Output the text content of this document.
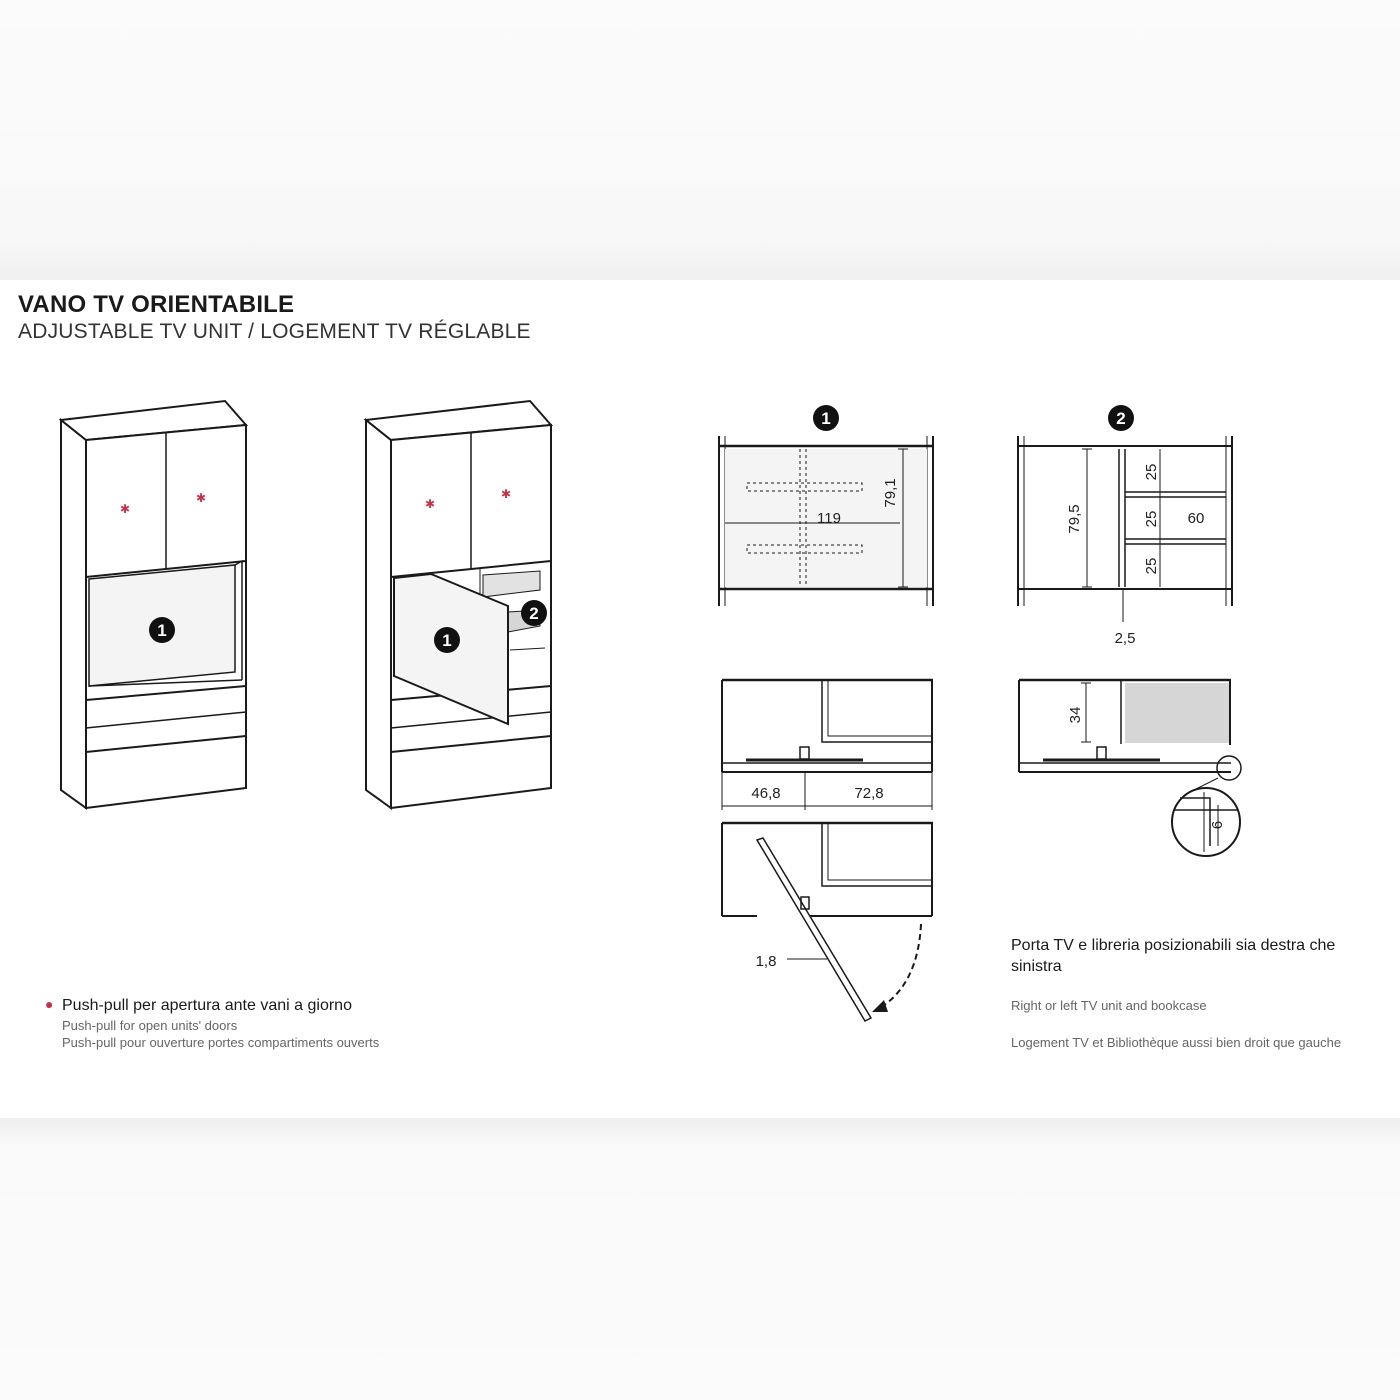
VANO TV ORIENTABILE
ADJUSTABLE TV UNIT / LOGEMENT TV RÉGLABLE
✱
✱	✱
✱
1
1
2
1	2
119
79,1
79,5
25
25
25
60
2,5
46,8	72,8
34
6
1,8
● Push-pull per apertura ante vani a giorno
Push-pull for open units' doors
Push-pull pour ouverture portes compartiments ouverts
Porta TV e libreria posizionabili sia destra che sinistra
Right or left TV unit and bookcase
Logement TV et Bibliothèque aussi bien droit que gauche
